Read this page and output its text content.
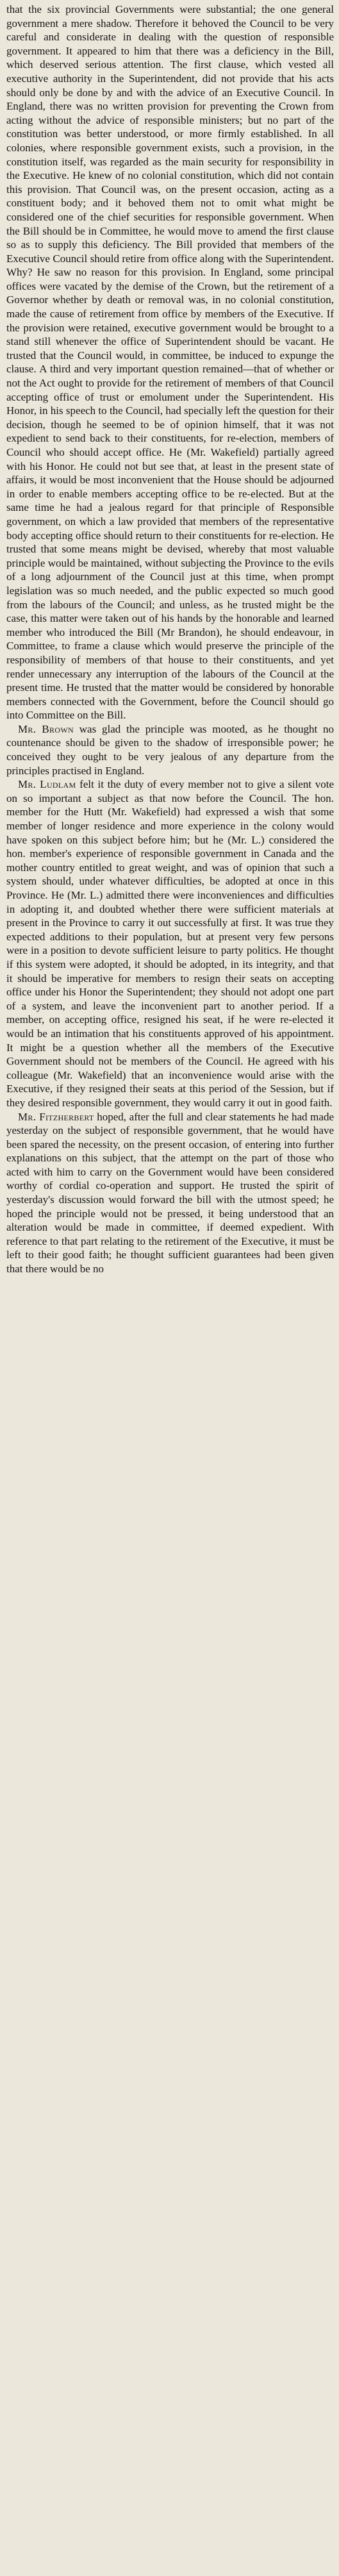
that the six provincial Governments were substantial; the one general government a mere shadow. Therefore it behoved the Council to be very careful and considerate in dealing with the question of responsible government. It appeared to him that there was a deficiency in the Bill, which deserved serious attention. The first clause, which vested all executive authority in the Superintendent, did not provide that his acts should only be done by and with the advice of an Executive Council. In England, there was no written provision for preventing the Crown from acting without the advice of responsible ministers; but no part of the constitution was better understood, or more firmly established. In all colonies, where responsible government exists, such a provision, in the constitution itself, was regarded as the main security for responsibility in the Executive. He knew of no colonial constitution, which did not contain this provision. That Council was, on the present occasion, acting as a constituent body; and it behoved them not to omit what might be considered one of the chief securities for responsible government. When the Bill should be in Committee, he would move to amend the first clause so as to supply this deficiency. The Bill provided that members of the Executive Council should retire from office along with the Superintendent. Why? He saw no reason for this provision. In England, some principal offices were vacated by the demise of the Crown, but the retirement of a Governor whether by death or removal was, in no colonial constitution, made the cause of retirement from office by members of the Executive. If the provision were retained, executive government would be brought to a stand still whenever the office of Superintendent should be vacant. He trusted that the Council would, in committee, be induced to expunge the clause. A third and very important question remained—that of whether or not the Act ought to provide for the retirement of members of that Council accepting office of trust or emolument under the Superintendent. His Honor, in his speech to the Council, had specially left the question for their decision, though he seemed to be of opinion himself, that it was not expedient to send back to their constituents, for re-election, members of Council who should accept office. He (Mr. Wakefield) partially agreed with his Honor. He could not but see that, at least in the present state of affairs, it would be most inconvenient that the House should be adjourned in order to enable members accepting office to be re-elected. But at the same time he had a jealous regard for that principle of Responsible government, on which a law provided that members of the representative body accepting office should return to their constituents for re-election. He trusted that some means might be devised, whereby that most valuable principle would be maintained, without subjecting the Province to the evils of a long adjournment of the Council just at this time, when prompt legislation was so much needed, and the public expected so much good from the labours of the Council; and unless, as he trusted might be the case, this matter were taken out of his hands by the honorable and learned member who introduced the Bill (Mr Brandon), he should endeavour, in Committee, to frame a clause which would preserve the principle of the responsibility of members of that house to their constituents, and yet render unnecessary any interruption of the labours of the Council at the present time. He trusted that the matter would be considered by honorable members connected with the Government, before the Council should go into Committee on the Bill.

Mr. Brown was glad the principle was mooted, as he thought no countenance should be given to the shadow of irresponsible power; he conceived they ought to be very jealous of any departure from the principles practised in England.

Mr. Ludlam felt it the duty of every member not to give a silent vote on so important a subject as that now before the Council. The hon. member for the Hutt (Mr. Wakefield) had expressed a wish that some member of longer residence and more experience in the colony would have spoken on this subject before him; but he (Mr. L.) considered the hon. member's experience of responsible government in Canada and the mother country entitled to great weight, and was of opinion that such a system should, under whatever difficulties, be adopted at once in this Province. He (Mr. L.) admitted there were inconveniences and difficulties in adopting it, and doubted whether there were sufficient materials at present in the Province to carry it out successfully at first. It was true they expected additions to their population, but at present very few persons were in a position to devote sufficient leisure to party politics. He thought if this system were adopted, it should be adopted, in its integrity, and that it should be imperative for members to resign their seats on accepting office under his Honor the Superintendent; they should not adopt one part of a system, and leave the inconvenient part to another period. If a member, on accepting office, resigned his seat, if he were re-elected it would be an intimation that his constituents approved of his appointment. It might be a question whether all the members of the Executive Government should not be members of the Council. He agreed with his colleague (Mr. Wakefield) that an inconvenience would arise with the Executive, if they resigned their seats at this period of the Session, but if they desired responsible government, they would carry it out in good faith.

Mr. Fitzherbert hoped, after the full and clear statements he had made yesterday on the subject of responsible government, that he would have been spared the necessity, on the present occasion, of entering into further explanations on this subject, that the attempt on the part of those who acted with him to carry on the Government would have been considered worthy of cordial co-operation and support. He trusted the spirit of yesterday's discussion would forward the bill with the utmost speed; he hoped the principle would not be pressed, it being understood that an alteration would be made in committee, if deemed expedient. With reference to that part relating to the retirement of the Executive, it must be left to their good faith; he thought sufficient guarantees had been given that there would be no
